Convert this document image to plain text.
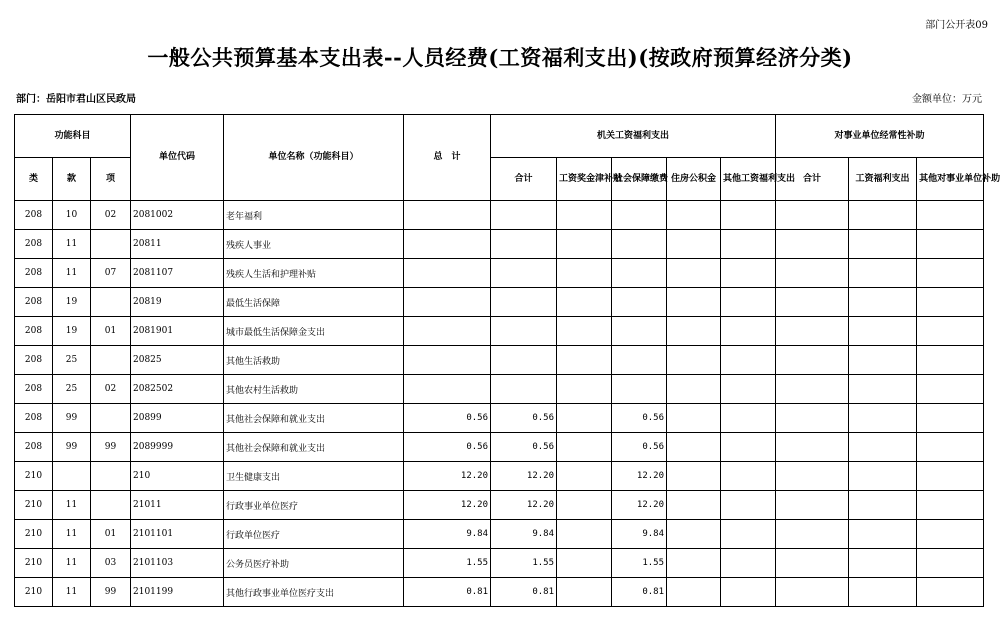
部门公开表09
一般公共预算基本支出表--人员经费(工资福利支出)(按政府预算经济分类)
部门：岳阳市君山区民政局	金额单位：万元
功能科目			单位代码	单位名称（功能科目）	总　计	机关工资福利支出					对事业单位经常性补助		
类	款	项				合计	工资奖金津补贴	社会保障缴费	住房公积金	其他工资福利支出	合计	工资福利支出	其他对事业单位补助
208	10	02	2081002	老年福利									
208	11		20811	残疾人事业									
208	11	07	2081107	残疾人生活和护理补贴									
208	19		20819	最低生活保障									
208	19	01	2081901	城市最低生活保障金支出									
208	25		20825	其他生活救助									
208	25	02	2082502	其他农村生活救助									
208	99		20899	其他社会保障和就业支出	0.56	0.56		0.56					
208	99	99	2089999	其他社会保障和就业支出	0.56	0.56		0.56					
210			210	卫生健康支出	12.20	12.20		12.20					
210	11		21011	行政事业单位医疗	12.20	12.20		12.20					
210	11	01	2101101	行政单位医疗	9.84	9.84		9.84					
210	11	03	2101103	公务员医疗补助	1.55	1.55		1.55					
210	11	99	2101199	其他行政事业单位医疗支出	0.81	0.81		0.81					
